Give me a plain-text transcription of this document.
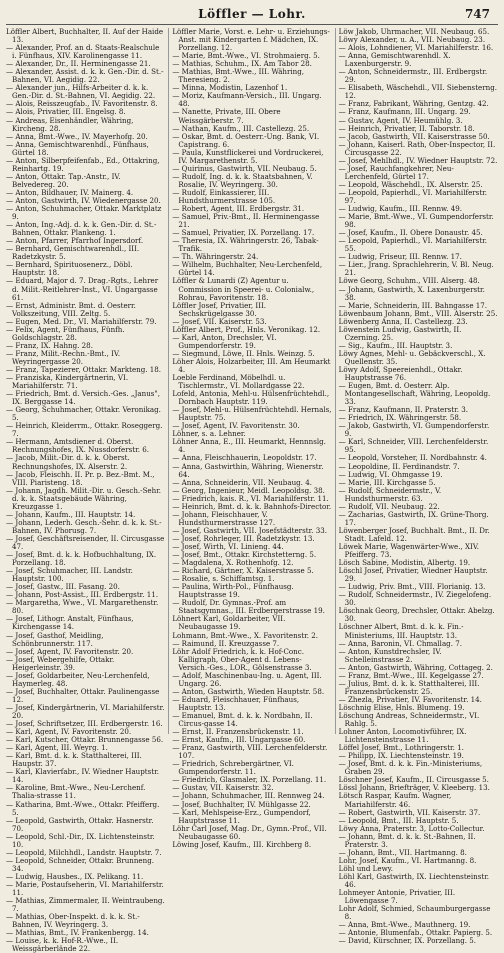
Löffler — Lohr.	747

Löffler Albert, Buchhalter, II. Auf der Haide 13.

— Alexander, Prof. an d. Staats-Realschule i. Fünfhaus, XIV. Karolinengasse 11.

— Alexander, Dr., II. Herminengasse 21.

— Alexander, Assist. d. k. k. Gen.-Dir. d. St.-Bahnen, VI. Aegidig. 22.

— Alexander jun., Hilfs-Arbeiter d. k. k. Gen.-Dir. d. St.-Bahnen, VI. Aegidig. 22.

— Alois, Reisszeugfab., IV. Favoritenstr. 8.

— Alois, Privatier, III. Engelsg. 8.

— Andreas, Eisenhändler, Währing, Kircheng. 28.

— Anna, Bmt.-Wwe., IV. Mayerhofg. 20.

— Anna, Gemischtwarenhdl., Fünfhaus, Gürtel 18.

— Anton, Silberpfeifenfab., Ed., Ottakring, Reinhartg. 19.

— Anton, Ottakr. Tap.-Anstr., IV. Belvedereg. 20.

— Anton, Bildhauer, IV. Mainerg. 4.

— Anton, Gastwirth, IV. Wiedenergasse 20.

— Anton, Schuhmacher, Ottakr. Marktplatz 9.

— Anton, Ing.-Adj. d. k. k. Gen.-Dir. d. St.-Bahnen, Ottakr. Plankeng. 1.

— Anton, Pfarrer, Pfarrhof Ingersdorf.

— Bernhard, Gemischtwarenhdl., III. Radetzkystr. 5.

— Bernhard, Spirituosenerz., Döbl. Hauptstr. 18.

— Eduard, Major d. 7. Drag.-Rgts., Lehrer d. Milit.-Reitlehrer-Inst., VI. Ungargasse 61.

— Ernst, Administr. Bmt. d. Oesterr. Volkszeitung, VIII. Zeltg. 5.

— Eugen, Med. Dr., VI. Mariahilferstr. 79.

— Felix, Agent, Fünfhaus, Fünfh. Goldschlagstr. 28.

— Franz, IX. Hahng. 28.

— Franz, Milit.-Rechn.-Bmt., IV. Weyringergasse 20.

— Franz, Tapezierer, Ottakr. Markteng. 18.

— Franziska, Kindergärtnerin, VI. Mariahilferstr. 71.

— Friedrich, Bmt. d. Versich.-Ges. „Janus", IX. Berggasse 14.

— Georg, Schuhmacher, Ottakr. Veronikag. 5.

— Heinrich, Kleiderrm., Ottakr. Roseggerg. 7.

— Hermann, Amtsdiener d. Oberst. Rechnungshofes, IX. Nussdorferstr. 6.

— Jacob, Milit.-Dir. d. k. k. Oberst. Rechnungshofes, IX. Alserstr. 2.

— Jacob, Fleischh. II. Pr. p. Bez.-Bmt. M., VIII. Piaristeng. 18.

— Johann, Jagdh. Milit.-Dir. u. Gesch.-Sehr. d. k. k. Staatsgebäude Währing, Kreuzgasse 1.

— Johann, Kaufm., III. Hauptstr. 14.

— Johann, Lederh. Gesch.-Sehr. d. k. k. St.-Bahnen, IV. Phorusg. 7.

— Josef, Geschäftsreisender, II. Circusgasse 47.

— Josef, Bmt. d. k. k. Hofbuchhaltung, IX. Porzellang. 18.

— Josef, Schuhmacher, III. Landstr. Hauptstr. 100.

— Josef, Gastw., III. Fasang. 20.

— Johann, Post-Assist., III. Erdbergstr. 11.

— Margaretha, Wwe., VI. Margarethenstr. 80.

— Josef, Lithogr. Anstalt, Fünfhaus, Kirchengasse 14.

— Josef, Gasthof, Meidling, Schönbrunnerstr. 117.

— Josef, Agent, IV. Favoritenstr. 20.

— Josef, Webergehilfe, Ottakr. Heigerleinstr. 39.

— Josef, Goldarbeiter, Neu-Lerchenfeld, Haymerleg. 48.

— Josef, Buchhalter, Ottakr. Paulinengasse 12.

— Josef, Kindergärtnerin, VI. Mariahilferstr. 20.

— Josef, Schriftsetzer, III. Erdbergerstr. 16.

— Karl, Agent, IV. Favoritenstr. 20.

— Karl, Kutscher, Ottakr. Brunnengasse 56.

— Karl, Agent, III. Weyrg. 1.

— Karl, Bmt. d. k. k. Statthalterei, III. Haupstr. 37.

— Karl, Klavierfabr., IV. Wiedner Hauptstr. 14.

— Karoline, Bmt.-Wwe., Neu-Lerchenf. Thalia-strasse 11.

— Katharina, Bmt.-Wwe., Ottakr. Pfeifferg. 5.

— Leopold, Gastwirth, Ottakr. Hasnerstr. 70.

— Leopold, Schl.-Dir., IX. Lichtensteinstr. 10.

— Leopold, Milchhdl., Landstr. Hauptstr. 7.

— Leopold, Schneider, Ottakr. Brunneng. 34.

— Ludwig, Hausbes., IX. Pelikang. 11.

— Marie, Postaufseherin, VI. Mariahilferstr. 11.

— Mathias, Zimmermaler, II. Weintraubeng. 7.

— Mathias, Ober-Inspekt. d. k. k. St.-Bahnen, IV. Weyringerg. 3.

— Mathias, Bmt., IV. Frankenbergg. 14.

— Louise, k. k. Hof-R.-Wwe., II. Weissgärberlände 22.

Löffler Marie, Vorst. e. Lehr- u. Erziehungs-Anst. mit Kindergarten f. Mädchen, IX. Porzellang. 12.

— Marie, Bmt.-Wwe., VI. Strohmaierg. 5.

— Mathias, Schuhm., IX. Am Tabor 28.

— Mathias, Bmt.-Wwe., III. Währing, Theresieng. 2.

— Minna, Modistin, Lazenhof 1.

— Moriz, Kaufmann-Versich., III. Ungarg. 48.

— Nanette, Private, III. Obere Weissgärberstr. 7.

— Nathan, Kaufm., III. Castellezg. 25.

— Oskar, Bmt. d. Oesterr.-Ung. Bank, VI. Capistrang. 6.

— Paula, Kunstflickerei und Vordruckerei, IV. Margarethenstr. 5.

— Quirinus, Gastwirth, VII. Neubaug. 5.

— Rudolf, Ing. d. k. k. Staatsbahnen, V. Rosalie, IV. Weyringerg. 30.

— Rudolf, Einkassierer, III. Hundsthurmerstrasse 105.

— Robert, Agent, III. Erdbergstr. 31.

— Samuel, Priv.-Bmt., II. Herminengasse 21.

— Samuel, Privatier, IX. Porzellang. 17.

— Theresia, IX. Währingerstr. 26, Tabak-Trafik.

— Th. Währingerstr. 24.

— Wilhelm, Buchhalter, Neu-Lerchenfeld, Gürtel 14.

Löffler & Lunardi (Z) Agentur u. Commission in Speerei- u. Colonialw., Rohrau, Favoritenstr. 18.

Löffler Josef, Privatier, III. Sechskrügelgasse 30.

— Josef, VII. Kaiserstr. 53.

Löffler Albert, Prof., Hnls. Veronikag. 12.

— Karl, Anton, Drechsler, VI. Gumpendorferstr. 19.

— Siegmund, Löwe, II. Hnls. Weinzg. 5.

Löher Alois, Holzarbeiter, III. Am Heumarkt 4.

Loeble Ferdinand, Möbelhdl. u. Tischlermstr., VI. Mollardgasse 22.

Lofeld, Antonia, Mehl-u. Hülsenfrüchtehdl., Dornbach Hauptstr. 119.

— Josef, Mehl-u. Hülsenfrüchtehdl. Hernals, Hauptstr. 75.

— Josef, Agent, IV. Favoritenstr. 30.

Löhner, s. a. Lehner.

Löhner Anna, E., III. Heumarkt, Hennnslg. 4.

— Anna, Fleischhauerin, Leopoldstr. 17.

— Anna, Gastwirthin, Währing, Wienerstr. 64.

— Anna, Schneiderin, VII. Neubaug. 4.

— Georg, Ingenieur, Meidl. Leopoldsg. 38.

— Friedrich, kais. R., VI. Mariahilferstr. 11.

— Heinrich, Bmt. d. k. k. Bahnhofs-Director.

— Johann, Fleischhauer, V. Hundsthurmerstrasse 127.

— Josef, Gastwirth, VII. Josefstädterstr. 33.

— Josef, Rohrleger, III. Radetzkystr. 13.

— Josef, Wirth, VI. Linieng. 44.

— Josef, Bmt., Ottakr. Kirchstetterng. 5.

— Magdalena, X. Rothenhofg. 12.

— Richard, Gärtner, X. Kaiserstrasse 5.

— Rosalie, s. Schiffamtsg. 1.

— Paulina, Wirth-Pol., Fünfhausg. Hauptstrasse 19.

— Rudolf, Dr. Gymnas.-Prof. am Staatsgymnas., III. Erdbergerstrasse 19.

Löhnert Karl, Goldarbeiter, VII. Neubaugasse 19.

Lohmann, Bmt.-Wwe., X. Favoritenstr. 2.

— Raimund, II. Kreuzgasse 7.

Löhr Adolf Friedrich, k. k. Hof-Conc. Kalligraph, Ober-Agent d. Lebens-Versich.-Ges., LOR., Gölsenstrasse 3.

— Adolf, Maschinenbau-Ing. u. Agent, III. Ungarg. 26.

— Anton, Gastwirth, Wieden Hauptstr. 58.

— Eduard, Fleischhauer, Fünfhaus, Hauptstr. 13.

— Emanuel, Bmt. d. k. k. Nordbahn, II. Circus-gasse 14.

— Ernst, II. Franzensbrückenstr. 11.

— Ernst, Kaufm., III. Ungargasse 60.

— Franz, Gastwirth, VIII. Lerchenfelderstr. 107.

— Friedrich, Schrebergärtner, VI. Gumpendorferstr. 11.

— Friedrich, Glasmaler, IX. Porzellang. 11.

— Gustav, VII. Kaiserstr. 32.

— Johann, Schuhmacher, III. Rennweg 24.

— Josef, Buchhalter, IV. Mühlgasse 22.

— Karl, Mehlspeise-Erz., Gumpendorf, Hauptstrasse 11.

Löhr Carl Josef, Mag. Dr., Gymn.-Prof., VII. Neubaugasse 60.

Löwing Josef, Kaufm., III. Kirchberg 8.

Löw Jakob, Uhrmacher, VII. Neubaug. 65.

Löwy Alexander, u. A., VII. Neubaug. 23.

— Alois, Lohndiener, VI. Mariahilferstr. 16.

— Anna, Gemischtwarenhdl. X. Laxenburgerstr. 9.

— Anton, Schneidermstr., III. Erdbergstr. 29.

— Elisabeth, Wäschehdl., VII. Siebensterng. 12.

— Franz, Fabrikant, Währing, Gentzg. 42.

— Franz, Kaufmann, III. Ungarg. 29.

— Gustav, Agent, IV. Heumühlg. 3.

— Heinrich, Privatier, II. Taborstr. 18.

— Jacob, Gastwirth, VII. Kaiserstrasse 50.

— Johann, Kaiserl. Rath, Ober-Inspector, II. Circusgasse 22.

— Josef, Mehlhdl., IV. Wiedner Hauptstr. 72.

— Josef, Rauchfangkehrer, Neu-Lerchenfeld, Gürtel 17.

— Leopold, Wäschehdl., IX. Alserstr. 25.

— Leopold, Papierhdl., VI. Mariahilferstr. 97.

— Ludwig, Kaufm., III. Rennw. 49.

— Marie, Bmt.-Wwe., VI. Gumpendorferstr. 98.

— Josef, Kaufm., II. Obere Donaustr. 45.

— Leopold, Papierhdl., VI. Mariahilferstr. 55.

— Ludwig, Friseur, III. Rennw. 17.

— Lier., Jrang. Sprachlehrerin, V. Bl. Neug. 21.

Löwe Georg, Schuhm., VIII. Alserg. 48.

— Johann, Gastwirth, X. Laxenburgerstr. 38.

— Marie, Schneiderin, III. Bahngasse 17.

Löwenbaum Johann, Bmt., VIII. Alserstr. 25.

Löwenberg Anna, II. Castellezg. 23.

Löwenstein Ludwig, Gastwirth, II. Czerning. 25.

— Sig., Kaufm., III. Hauptstr. 3.

Löwy Agnes, Mehl- u. Gebäckverschl., X. Quellenstr. 35.

Löwy Adolf, Speereienhdl., Ottakr. Hauptstrasse 76.

— Eugen, Bmt. d. Oesterr. Alp. Montangesellschaft, Währing, Leopoldg. 33.

— Franz, Kaufmann, II. Praterstr. 3.

— Friedrich, IX. Währingerstr. 58.

— Jakob, Gastwirth, VI. Gumpendorferstr. 9.

— Karl, Schneider, VIII. Lerchenfelderstr. 95.

— Leopold, Vorsteher, II. Nordbahnstr. 4.

— Leopoldine, II. Ferdinandstr. 7.

— Ludwig, VI. Ohmgasse 19.

— Marie, III. Kirchgasse 5.

— Rudolf, Schneidermstr., V. Hundsthurmerstr. 63.

— Rudolf, VII. Neubaug. 22.

— Zacharias, Gastwirth, IX. Grüne-Thorg. 17.

Löwenberger Josef, Buchhalt. Bmt., II. Dr. Stadt. Lafeld. 12.

Löwek Marie, Wagenwärter-Wwe., XIV. Pfeifferg. 73.

Lösch Sabine, Modistin, Albertg. 19.

Löschl Josef, Privatier, Wiedner Hauptstr. 29.

— Ludwig, Priv. Bmt., VIII. Florianig. 13.

— Rudolf, Schneidermstr., IV. Ziegelofeng. 30.

Löschnak Georg, Drechsler, Ottakr. Abelzg. 30.

Löschner Albert, Bmt. d. k. k. Fin.-Ministeriums, III. Hauptstr. 13.

— Anna, Baronin, VI. Chmallag. 7.

— Anton, Kunstdrechsler, IV. Schelleinstrasse 2.

— Anton, Gastwirth, Währing, Cottageg. 2.

— Franz, Bmt.-Wwe., III. Kegelgasse 27.

— Julius, Bmt. d. k. k. Statthalterei, III. Franzensbrückenstr. 25.

— Zhezla, Privatier, IV. Favoritenstr. 14.

Löschnig Elise, Hnls. Blumeng. 19.

Löschung Andreas, Schneidermstr., VI. Rahlg. 5.

Lohner Anton, Locomotivführer, IX. Lichtensteinstrasse 11.

Löffel Josef, Bmt., Lothringerstr. 1.

— Philipp, IX. Liechtensteinstr. 19.

— Josef, Bmt. d. k. k. Fin.-Ministeriums, Graben 29.

Löschner Josef, Kaufm., II. Circusgasse 5.

Lössl Johann, Briefträger, V. Kleeberg. 13.

Lötsch Raspar, Kaufm. Wagner, Mariahilferstr. 46.

— Robert, Gastwirth, VII. Kaiserstr. 37.

— Leopold, Bmt., III. Hauptstr. 5.

Löwy Anna, Praterstr. 3, Lotto-Collectur.

— Johann, Bmt. d. k. k. St.-Bahnen, II. Praterstr. 3.

— Johann, Bmt., VII. Hartmanng. 8.

Lohr, Josef, Kaufm., VI. Hartmanng. 8.

Löhl und Lewy.

Löhl Karl, Gastwirth, IX. Liechtensteinstr. 46.

Lohmeyer Antonie, Privatier, III. Löwengasse 7.

Lohr Adolf, Schmied, Schaumburgergasse 8.

— Anna, Bmt.-Wwe., Mauthnerg. 19.

— Antonie, Blumenfab., Ottakr. Papierg. 5.

— David, Kürschner, IX. Porzellang. 5.
